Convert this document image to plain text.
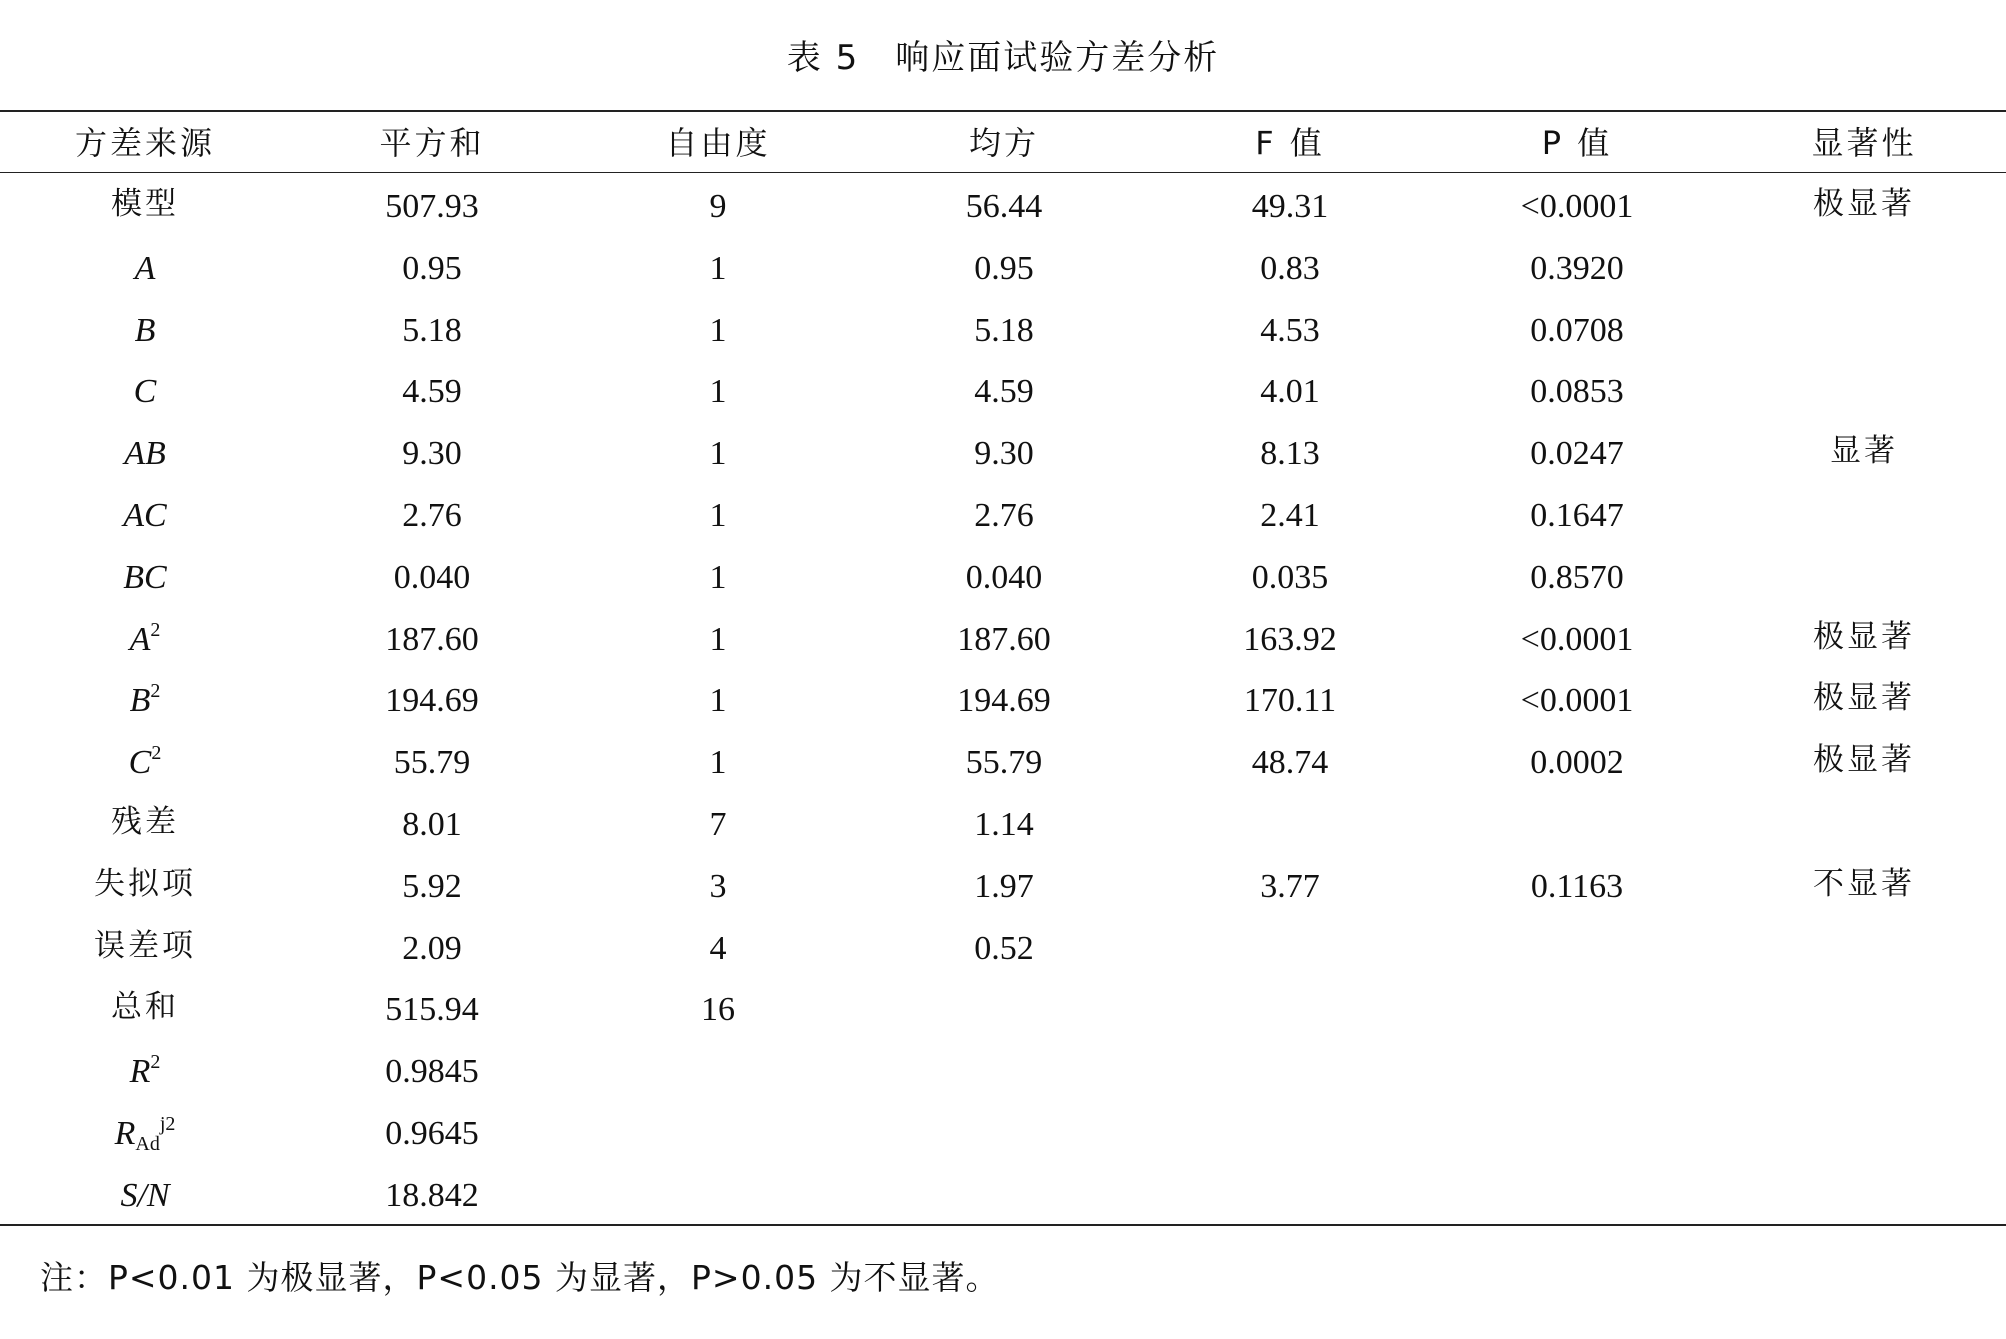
表 5　响应面试验方差分析
方差来源	平方和	自由度	均方	F 值	P 值	显著性
模型	507.93	9	56.44	49.31	<0.0001	极显著
A	0.95	1	0.95	0.83	0.3920
B	5.18	1	5.18	4.53	0.0708
C	4.59	1	4.59	4.01	0.0853
AB	9.30	1	9.30	8.13	0.0247	显著
AC	2.76	1	2.76	2.41	0.1647
BC	0.040	1	0.040	0.035	0.8570
$A^2$	187.60	1	187.60	163.92	<0.0001	极显著
$B^2$	194.69	1	194.69	170.11	<0.0001	极显著
$C^2$	55.79	1	55.79	48.74	0.0002	极显著
残差	8.01	7	1.14
失拟项	5.92	3	1.97	3.77	0.1163	不显著
误差项	2.09	4	0.52
总和	515.94	16
$R^2$	0.9845
$R_{Ad}^{j2}$	0.9645
S/N	18.842
注：P<0.01 为极显著，P<0.05 为显著，P>0.05 为不显著。
